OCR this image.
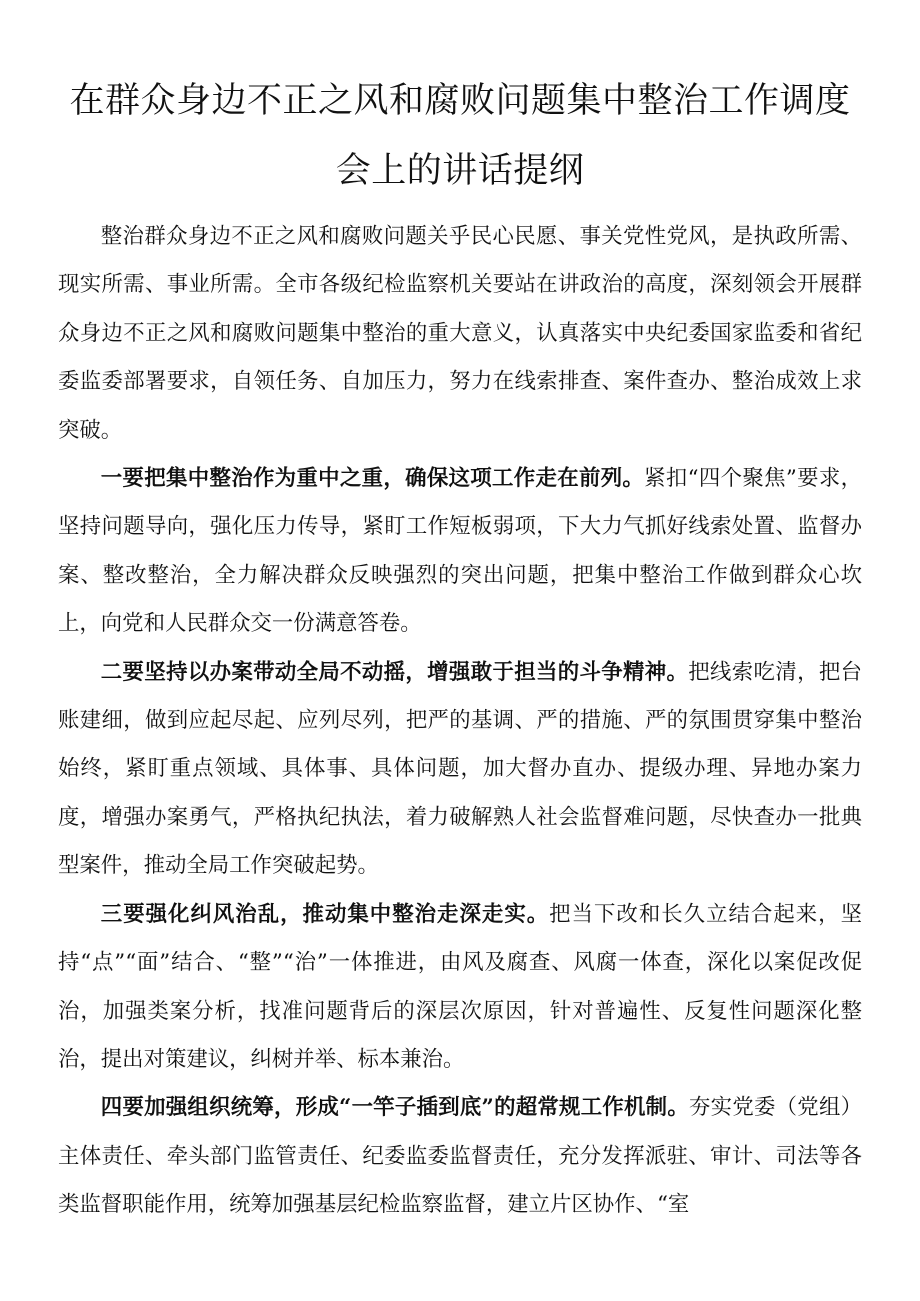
在群众身边不正之风和腐败问题集中整治工作调度会上的讲话提纲

整治群众身边不正之风和腐败问题关乎民心民愿、事关党性党风，是执政所需、现实所需、事业所需。全市各级纪检监察机关要站在讲政治的高度，深刻领会开展群众身边不正之风和腐败问题集中整治的重大意义，认真落实中央纪委国家监委和省纪委监委部署要求，自领任务、自加压力，努力在线索排查、案件查办、整治成效上求突破。

一要把集中整治作为重中之重，确保这项工作走在前列。紧扣“四个聚焦”要求，坚持问题导向，强化压力传导，紧盯工作短板弱项，下大力气抓好线索处置、监督办案、整改整治，全力解决群众反映强烈的突出问题，把集中整治工作做到群众心坎上，向党和人民群众交一份满意答卷。

二要坚持以办案带动全局不动摇，增强敢于担当的斗争精神。把线索吃清，把台账建细，做到应起尽起、应列尽列，把严的基调、严的措施、严的氛围贯穿集中整治始终，紧盯重点领域、具体事、具体问题，加大督办直办、提级办理、异地办案力度，增强办案勇气，严格执纪执法，着力破解熟人社会监督难问题，尽快查办一批典型案件，推动全局工作突破起势。

三要强化纠风治乱，推动集中整治走深走实。把当下改和长久立结合起来，坚持“点”“面”结合、“整”“治”一体推进，由风及腐查、风腐一体查，深化以案促改促治，加强类案分析，找准问题背后的深层次原因，针对普遍性、反复性问题深化整治，提出对策建议，纠树并举、标本兼治。

四要加强组织统筹，形成“一竿子插到底”的超常规工作机制。夯实党委（党组）主体责任、牵头部门监管责任、纪委监委监督责任，充分发挥派驻、审计、司法等各类监督职能作用，统筹加强基层纪检监察监督，建立片区协作、“室
